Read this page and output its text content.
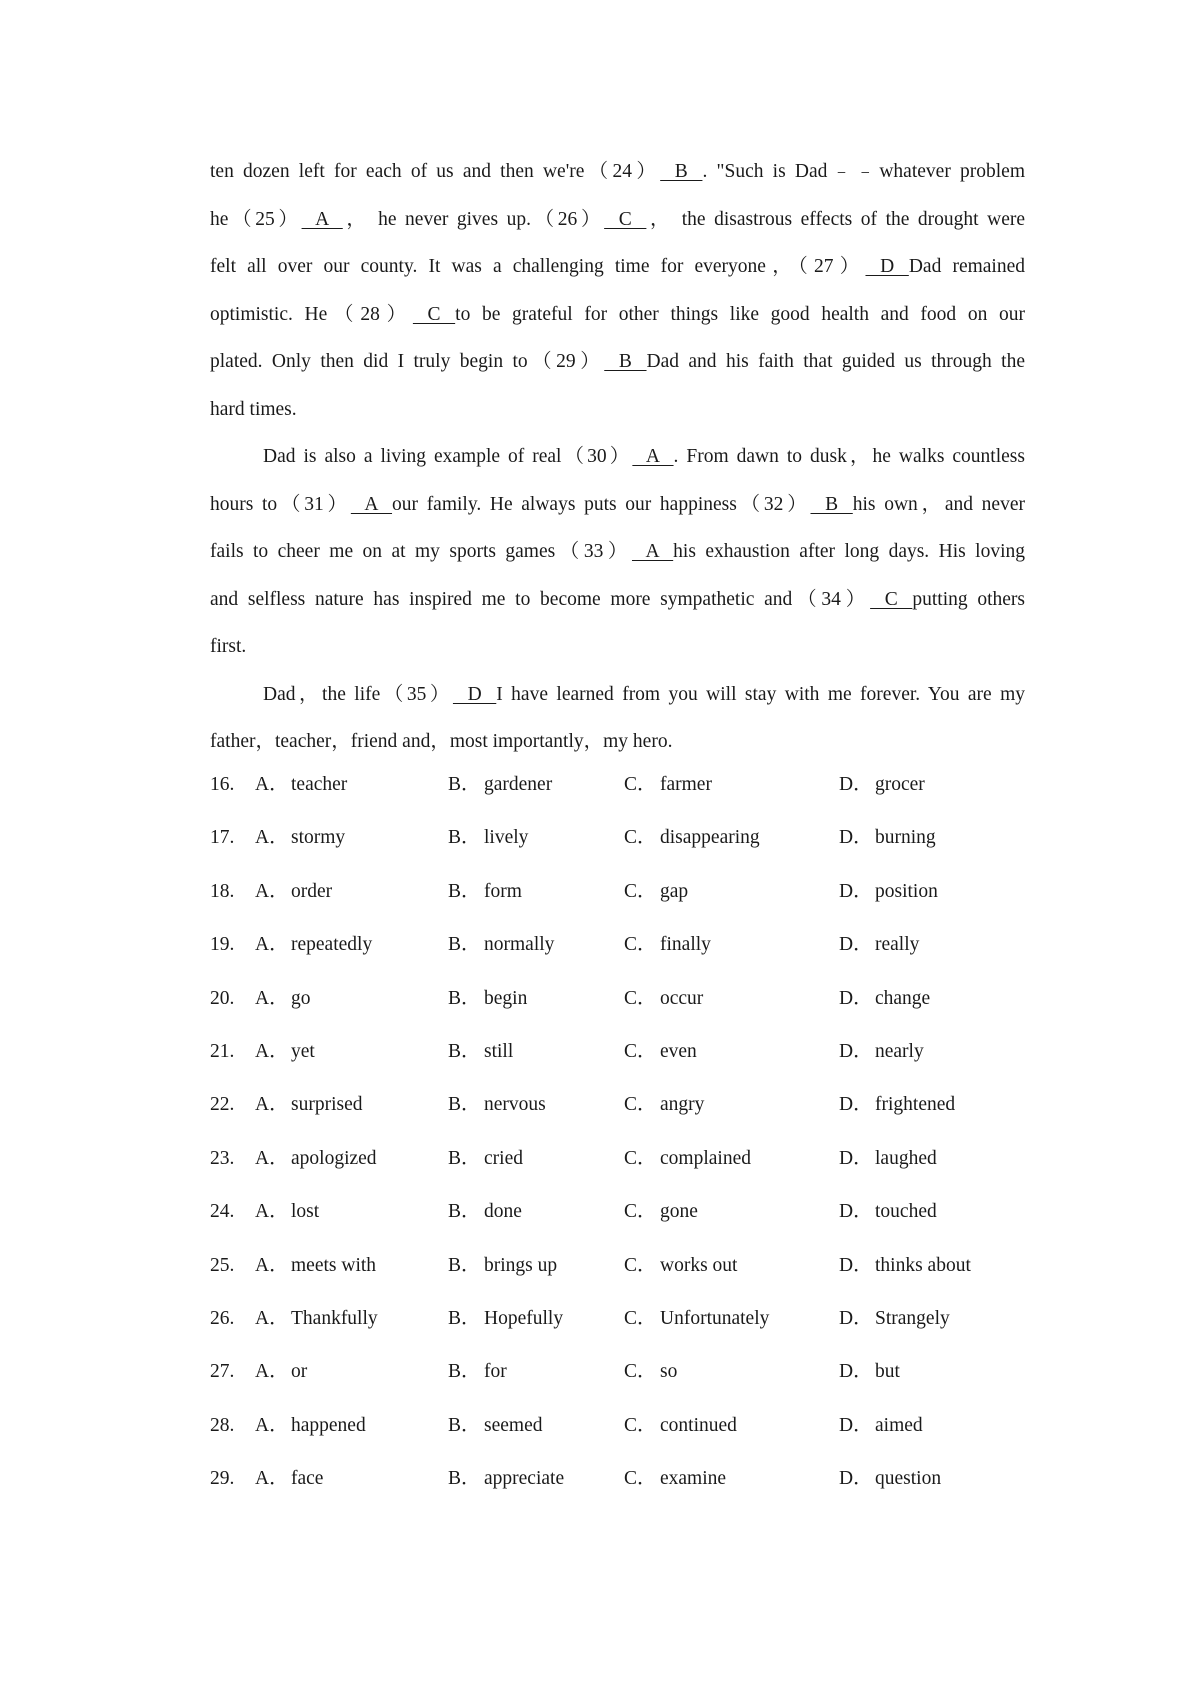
ten dozen left for each of us and then we're（24）   B   . "Such is Dad﹣﹣whatever problem
he（25）   A   ， he never gives up.（26）   C   ， the disastrous effects of the drought were
felt all over our county. It was a challenging time for everyone，（27）   D   Dad remained
optimistic. He（28）   C   to be grateful for other things like good health and food on our
plated. Only then did I truly begin to（29）   B   Dad and his faith that guided us through the
hard times.
Dad is also a living example of real（30）   A   . From dawn to dusk，he walks countless
hours to（31）   A   our family. He always puts our happiness（32）   B   his own，and never
fails to cheer me on at my sports games（33）   A   his exhaustion after long days. His loving
and selfless nature has inspired me to become more sympathetic and（34）   C   putting others
first.
Dad，the life（35）   D   I have learned from you will stay with me forever. You are my
father，teacher，friend and，most importantly，my hero.
16. A． teacher	B． gardener	C． farmer	D． grocer
17. A． stormy	B． lively	C． disappearing	D． burning
18. A． order	B． form	C． gap	D． position
19. A． repeatedly	B． normally	C． finally	D． really
20. A． go	B． begin	C． occur	D． change
21. A． yet	B． still	C． even	D． nearly
22. A． surprised	B． nervous	C． angry	D． frightened
23. A． apologized	B． cried	C． complained	D． laughed
24. A． lost	B． done	C． gone	D． touched
25. A． meets with	B． brings up	C． works out	D． thinks about
26. A． Thankfully	B． Hopefully	C． Unfortunately	D． Strangely
27. A． or	B． for	C． so	D． but
28. A． happened	B． seemed	C． continued	D． aimed
29. A． face	B． appreciate	C． examine	D． question
